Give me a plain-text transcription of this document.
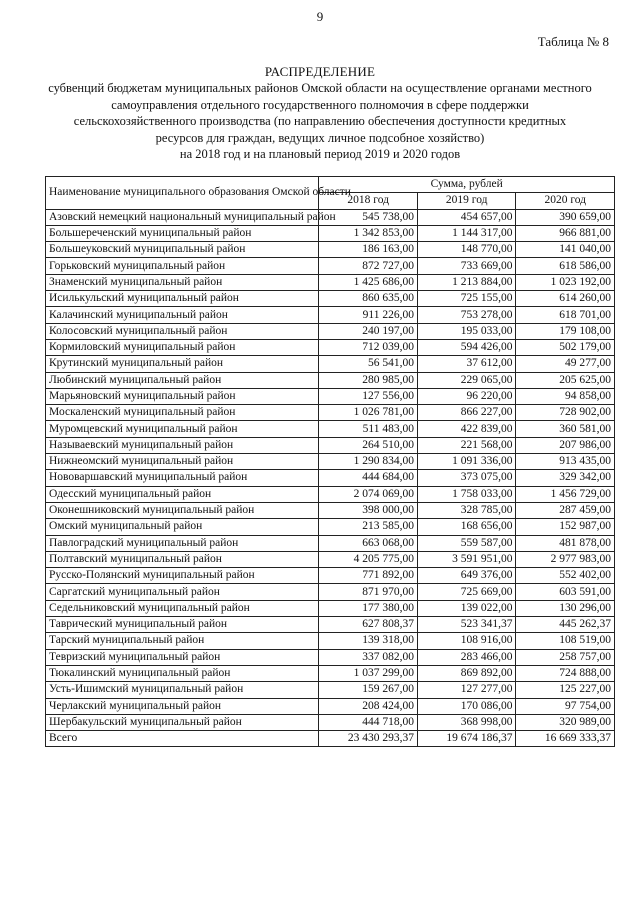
9
Таблица № 8
РАСПРЕДЕЛЕНИЕ
субвенций бюджетам муниципальных районов Омской области на осуществление органами местного
самоуправления отдельного государственного полномочия в сфере поддержки
сельскохозяйственного производства (по направлению обеспечения доступности кредитных
ресурсов для граждан, ведущих личное подсобное хозяйство)
на 2018 год и на плановый период 2019 и 2020 годов
Наименование муниципального образования Омской области	Сумма, рублей		
	2018 год	2019 год	2020 год
Азовский немецкий национальный муниципальный район	545 738,00	454 657,00	390 659,00
Большереченский муниципальный район	1 342 853,00	1 144 317,00	966 881,00
Большеуковский муниципальный район	186 163,00	148 770,00	141 040,00
Горьковский муниципальный район	872 727,00	733 669,00	618 586,00
Знаменский муниципальный район	1 425 686,00	1 213 884,00	1 023 192,00
Исилькульский муниципальный район	860 635,00	725 155,00	614 260,00
Калачинский муниципальный район	911 226,00	753 278,00	618 701,00
Колосовский муниципальный район	240 197,00	195 033,00	179 108,00
Кормиловский муниципальный район	712 039,00	594 426,00	502 179,00
Крутинский муниципальный район	56 541,00	37 612,00	49 277,00
Любинский муниципальный район	280 985,00	229 065,00	205 625,00
Марьяновский муниципальный район	127 556,00	96 220,00	94 858,00
Москаленский муниципальный район	1 026 781,00	866 227,00	728 902,00
Муромцевский муниципальный район	511 483,00	422 839,00	360 581,00
Называевский муниципальный район	264 510,00	221 568,00	207 986,00
Нижнеомский муниципальный район	1 290 834,00	1 091 336,00	913 435,00
Нововаршавский муниципальный район	444 684,00	373 075,00	329 342,00
Одесский муниципальный район	2 074 069,00	1 758 033,00	1 456 729,00
Оконешниковский муниципальный район	398 000,00	328 785,00	287 459,00
Омский муниципальный район	213 585,00	168 656,00	152 987,00
Павлоградский муниципальный район	663 068,00	559 587,00	481 878,00
Полтавский муниципальный район	4 205 775,00	3 591 951,00	2 977 983,00
Русско-Полянский муниципальный район	771 892,00	649 376,00	552 402,00
Саргатский муниципальный район	871 970,00	725 669,00	603 591,00
Седельниковский муниципальный район	177 380,00	139 022,00	130 296,00
Таврический муниципальный район	627 808,37	523 341,37	445 262,37
Тарский муниципальный район	139 318,00	108 916,00	108 519,00
Тевризский муниципальный район	337 082,00	283 466,00	258 757,00
Тюкалинский муниципальный район	1 037 299,00	869 892,00	724 888,00
Усть-Ишимский муниципальный район	159 267,00	127 277,00	125 227,00
Черлакский муниципальный район	208 424,00	170 086,00	97 754,00
Шербакульский муниципальный район	444 718,00	368 998,00	320 989,00
Всего	23 430 293,37	19 674 186,37	16 669 333,37
